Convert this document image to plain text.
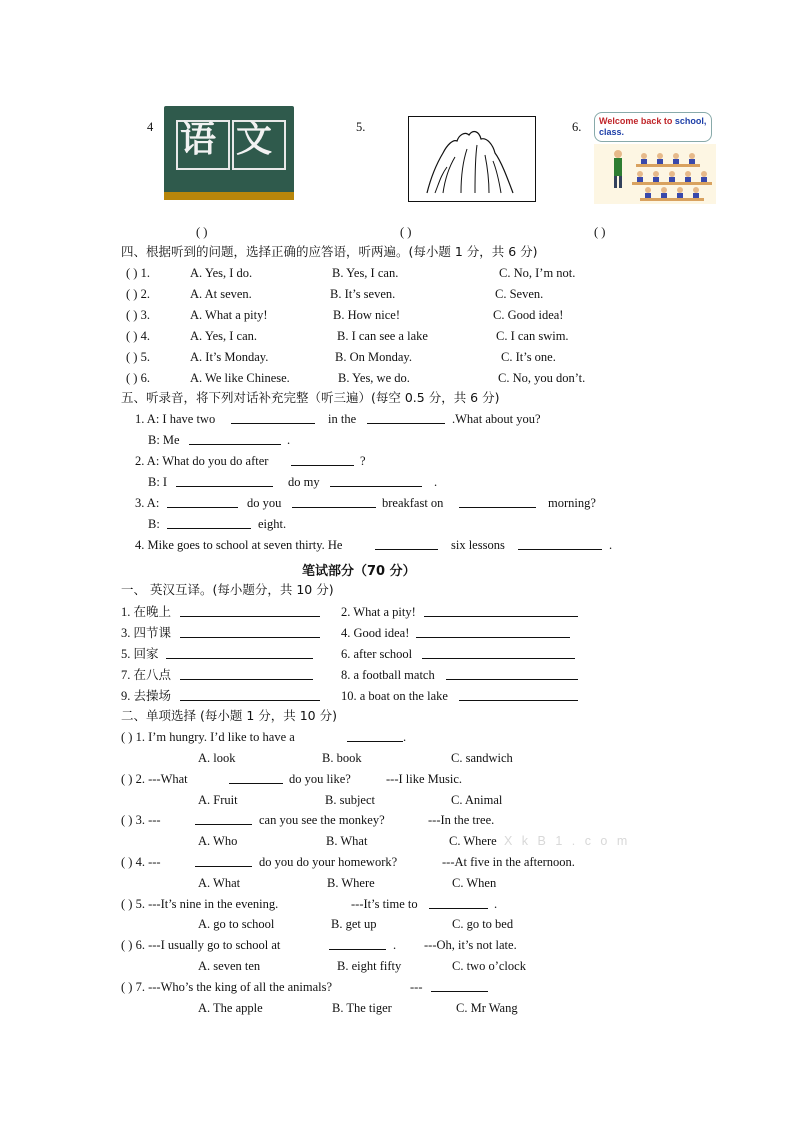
4 语 文	5.	6.	Welcome back to school,
class.
( )	( )	( )
四、根据听到的问题，选择正确的应答语，听两遍。(每小题 1 分，共 6 分)
( ) 1.	A. Yes, I do.	B. Yes, I can.	C. No, I’m not.
( ) 2.	A. At seven.	B. It’s seven.	C. Seven.
( ) 3.	A. What a pity!	B. How nice!	C. Good idea!
( ) 4.	A. Yes, I can.	B. I can see a lake	C. I can swim.
( ) 5.	A. It’s Monday.	B. On Monday.	C. It’s one.
( ) 6.	A. We like Chinese.	B. Yes, we do.	C. No, you don’t.
五、听录音，将下列对话补充完整（听三遍）(每空 0.5 分，共 6 分)
1. A: I have two	in the	.What about you?
B: Me	.
2. A: What do you do after	?
B: I	do my	.
3. A:	do you	breakfast on	morning?
B:	eight.
4. Mike goes to school at seven thirty. He	six lessons	.
笔试部分（70 分）
一、 英汉互译。(每小题分，共 10 分)
1. 在晚上	2. What a pity!
3. 四节课	4. Good idea!
5. 回家	6. after school
7. 在八点	8. a football match
9. 去操场	10. a boat on the lake
二、单项选择 (每小题 1 分，共 10 分)
( ) 1. I’m hungry. I’d like to have a	.
A. look	B. book	C. sandwich
( ) 2. ---What	do you like?	---I like Music.
A. Fruit	B. subject	C. Animal
( ) 3. ---	can you see the monkey?	---In the tree.
A. Who	B. What	C. Where X k B 1 . c o m
( ) 4. ---	do you do your homework?	---At five in the afternoon.
A. What	B. Where	C. When
( ) 5. ---It’s nine in the evening.	---It’s time to	.
A. go to school	B. get up	C. go to bed
( ) 6. ---I usually go to school at	. ---Oh, it’s not late.
A. seven ten	B. eight fifty	C. two o’clock
( ) 7. ---Who’s the king of all the animals?	---
A. The apple	B. The tiger	C. Mr Wang
